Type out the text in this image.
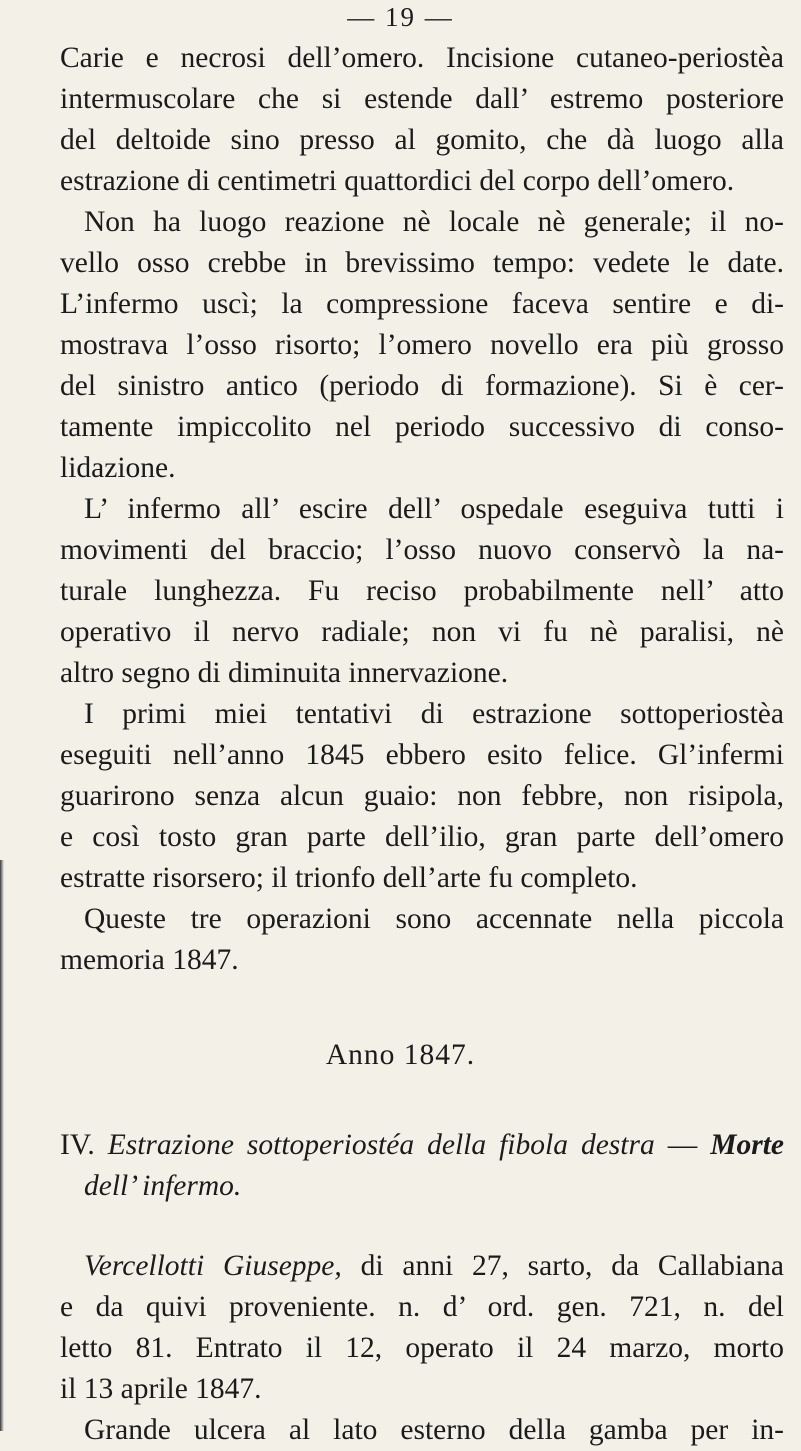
— 19 —

Carie e necrosi dell’omero. Incisione cutaneo-periostèa
intermuscolare che si estende dall’ estremo posteriore
del deltoide sino presso al gomito, che dà luogo alla
estrazione di centimetri quattordici del corpo dell’omero.

Non ha luogo reazione nè locale nè generale; il no-
vello osso crebbe in brevissimo tempo: vedete le date.
L’infermo uscì; la compressione faceva sentire e di-
mostrava l’osso risorto; l’omero novello era più grosso
del sinistro antico (periodo di formazione). Si è cer-
tamente impiccolito nel periodo successivo di conso-
lidazione.

L’ infermo all’ escire dell’ ospedale eseguiva tutti i
movimenti del braccio; l’osso nuovo conservò la na-
turale lunghezza. Fu reciso probabilmente nell’ atto
operativo il nervo radiale; non vi fu nè paralisi, nè
altro segno di diminuita innervazione.

I primi miei tentativi di estrazione sottoperiostèa
eseguiti nell’anno 1845 ebbero esito felice. Gl’infermi
guarirono senza alcun guaio: non febbre, non risipola,
e così tosto gran parte dell’ilio, gran parte dell’omero
estratte risorsero; il trionfo dell’arte fu completo.

Queste tre operazioni sono accennate nella piccola
memoria 1847.

Anno 1847.
IV. Estrazione sottoperiostéa della fibola destra — Morte
dell’ infermo.

Vercellotti Giuseppe, di anni 27, sarto, da Callabiana
e da quivi proveniente. n. d’ ord. gen. 721, n. del
letto 81. Entrato il 12, operato il 24 marzo, morto
il 13 aprile 1847.

Grande ulcera al lato esterno della gamba per in-
